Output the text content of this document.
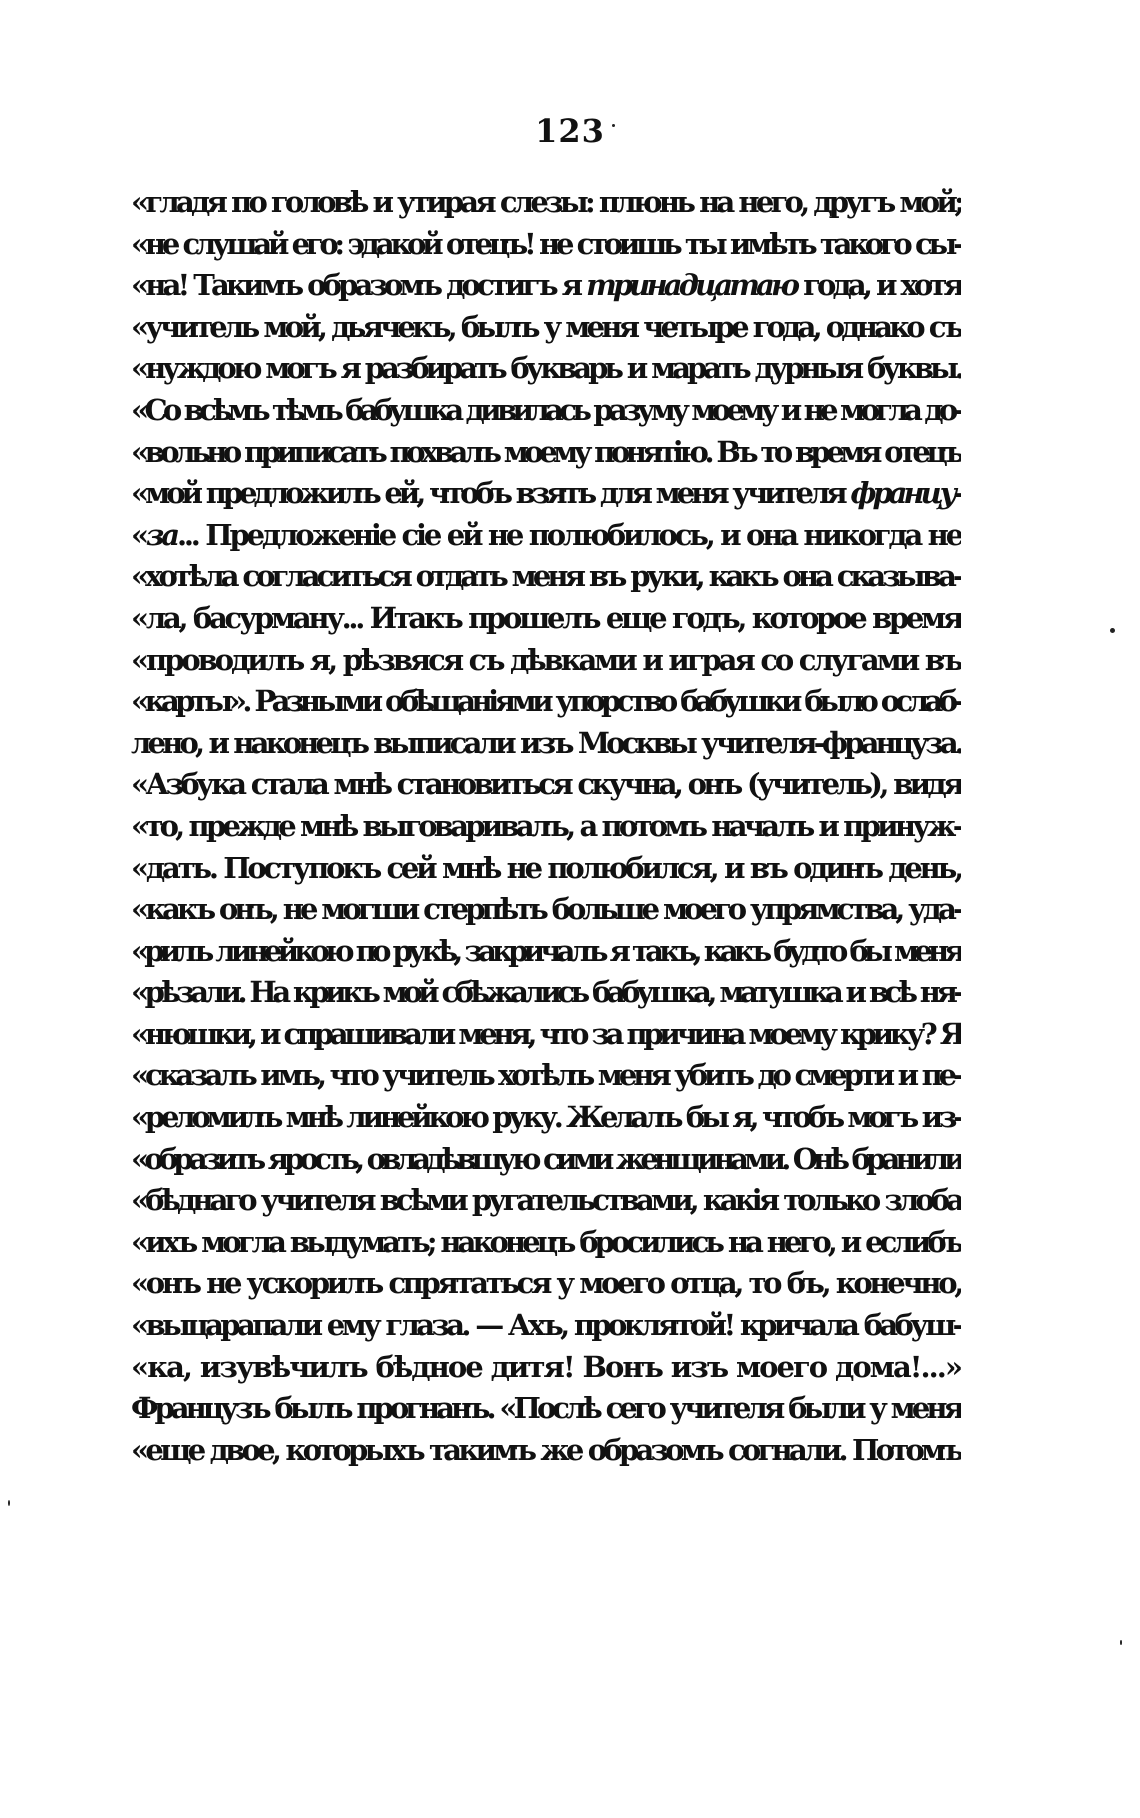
123
«гладя по головѣ и утирая слезы: плюнь на него, другъ мой;
«не слушай его: эдакой отецъ! не стоишь ты имѣть такого сы-
«на! Такимъ образомъ достигъ я тринадцатаю года, и хотя
«учитель мой, дьячекъ, былъ у меня четыре года, однако съ
«нуждою могъ я разбирать букварь и марать дурныя буквы.
«Со всѣмъ тѣмъ бабушка дивилась разуму моему и не могла до-
«вольно приписать похвалъ моему понятію. Въ то время отецъ
«мой предложилъ ей, чтобъ взять для меня учителя францу-
«за... Предложеніе сіе ей не полюбилось, и она никогда не
«хотѣла согласиться отдать меня въ руки, какъ она сказыва-
«ла, басурману... Итакъ прошелъ еще годъ, которое время
«проводилъ я, рѣзвяся съ дѣвками и играя со слугами въ
«карты». Разными обѣщаніями упорство бабушки было ослаб-
лено, и наконецъ выписали изъ Москвы учителя-француза.
«Азбука стала мнѣ становиться скучна, онъ (учитель), видя
«то, прежде мнѣ выговаривалъ, а потомъ началъ и принуж-
«дать. Поступокъ сей мнѣ не полюбился, и въ одинъ день,
«какъ онъ, не могши стерпѣть больше моего упрямства, уда-
«рилъ линейкою по рукѣ, закричалъ я такъ, какъ будто бы меня
«рѣзали. На крикъ мой сбѣжались бабушка, матушка и всѣ ня-
«нюшки, и спрашивали меня, что за причина моему крику? Я
«сказалъ имъ, что учитель хотѣлъ меня убить до смерти и пе-
«реломилъ мнѣ линейкою руку. Желалъ бы я, чтобъ могъ из-
«образить ярость, овладѣвшую сими женщинами. Онѣ бранили
«бѣднаго учителя всѣми ругательствами, какія только злоба
«ихъ могла выдумать; наконецъ бросились на него, и еслибъ
«онъ не ускорилъ спрятаться у моего отца, то бъ, конечно,
«выцарапали ему глаза. — Ахъ, проклятой! кричала бабуш-
«ка, изувѣчилъ бѣдное дитя! Вонъ изъ моего дома!...»
Французъ былъ прогнанъ. «Послѣ сего учителя были у меня
«еще двое, которыхъ такимъ же образомъ согнали. Потомъ
